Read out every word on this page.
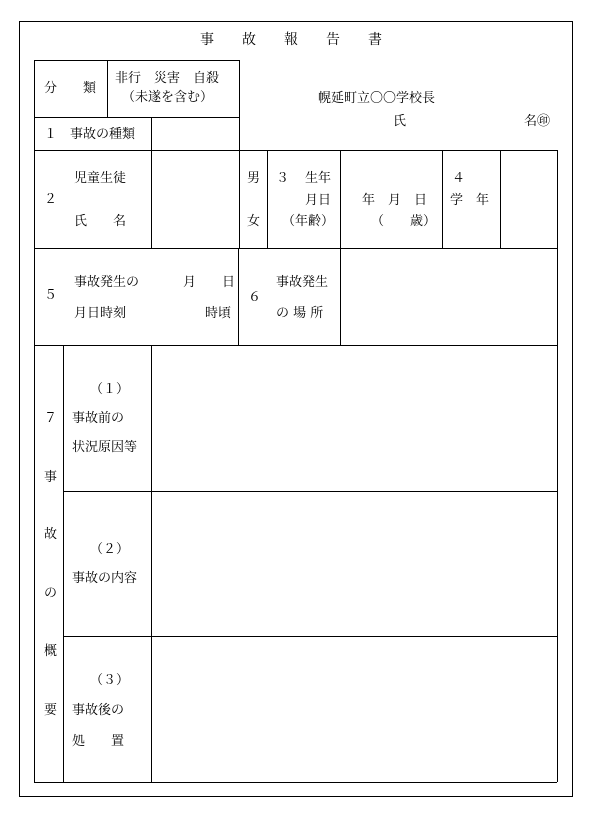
事　　故　　報　　告　　書
分　　類
非行　災害　自殺
（未遂を含む）	幌延町立〇〇学校長
氏	名㊞
１　事故の種類
２
児童生徒
氏　　名
男
女
３ 生年
月日
（年齢）
年　月　日
（　　歳）
４
学　年
５
事故発生の
月日時刻
月　　日
時頃
６
事故発生
の 場 所
７
事
故
の
概
要
（１）
事故前の
状況原因等
（２）
事故の内容
（３）
事故後の
処　　置
